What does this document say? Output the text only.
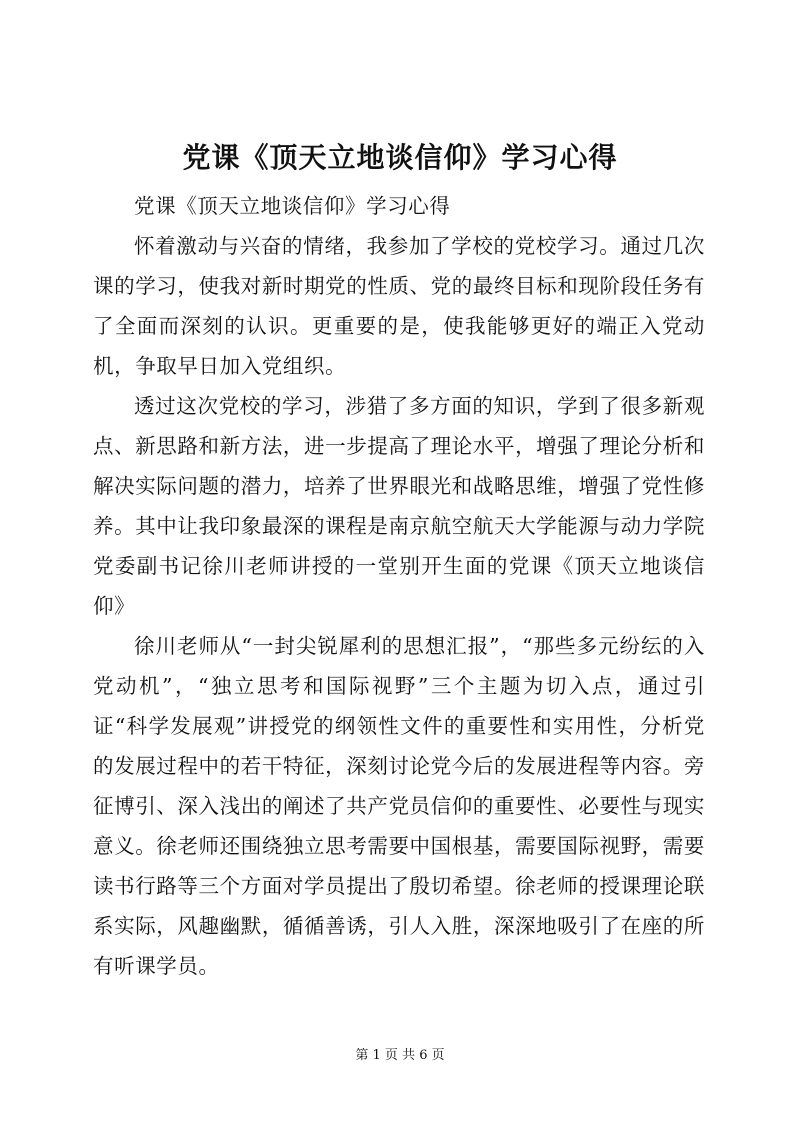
党课《顶天立地谈信仰》学习心得

党课《顶天立地谈信仰》学习心得

怀着激动与兴奋的情绪，我参加了学校的党校学习。通过几次课的学习，使我对新时期党的性质、党的最终目标和现阶段任务有了全面而深刻的认识。更重要的是，使我能够更好的端正入党动机，争取早日加入党组织。

透过这次党校的学习，涉猎了多方面的知识，学到了很多新观点、新思路和新方法，进一步提高了理论水平，增强了理论分析和解决实际问题的潜力，培养了世界眼光和战略思维，增强了党性修养。其中让我印象最深的课程是南京航空航天大学能源与动力学院党委副书记徐川老师讲授的一堂别开生面的党课《顶天立地谈信仰》

徐川老师从“一封尖锐犀利的思想汇报”，“那些多元纷纭的入党动机”，“独立思考和国际视野”三个主题为切入点，通过引证“科学发展观”讲授党的纲领性文件的重要性和实用性，分析党的发展过程中的若干特征，深刻讨论党今后的发展进程等内容。旁征博引、深入浅出的阐述了共产党员信仰的重要性、必要性与现实意义。徐老师还围绕独立思考需要中国根基，需要国际视野，需要读书行路等三个方面对学员提出了殷切希望。徐老师的授课理论联系实际，风趣幽默，循循善诱，引人入胜，深深地吸引了在座的所有听课学员。

第 1 页 共 6 页
